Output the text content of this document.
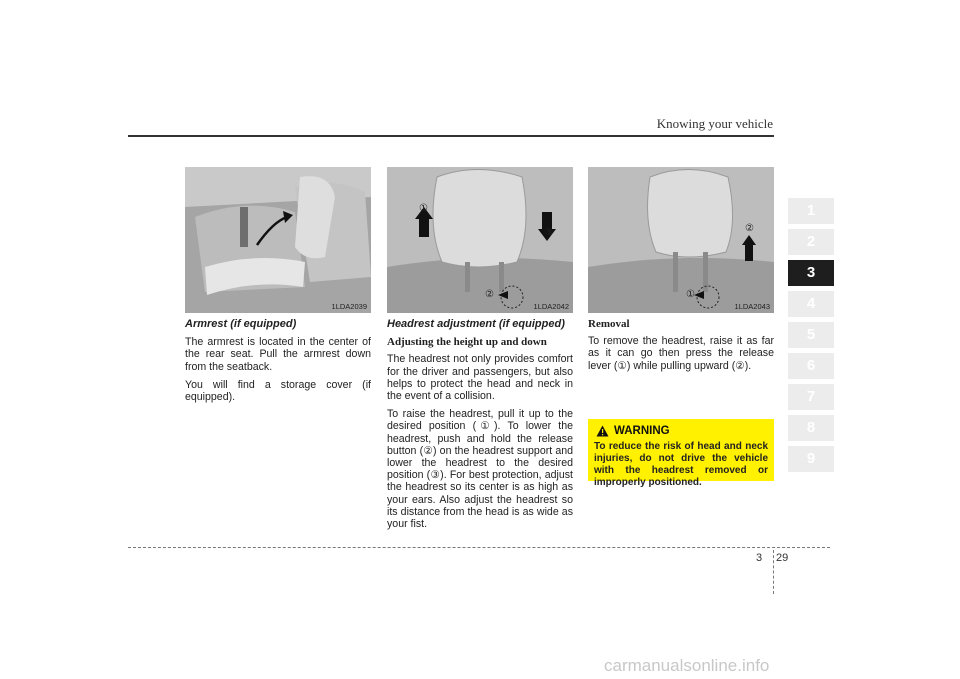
Knowing your vehicle
1LDA2039
①
③
②
1LDA2042
②
①
1LDA2043
Armrest (if equipped)

The armrest is located in the center of the rear seat. Pull the armrest down from the seatback.

You will find a storage cover (if equipped).

Headrest adjustment (if equipped)
Adjusting the height up and down

The headrest not only provides comfort for the driver and passengers, but also helps to protect the head and neck in the event of a collision.

To raise the headrest, pull it up to the desired position (①). To lower the headrest, push and hold the release button (②) on the headrest support and lower the headrest to the desired position (③). For best protection, adjust the headrest so its center is as high as your ears. Also adjust the headrest so its distance from the head is as wide as your fist.

Removal

To remove the headrest, raise it as far as it can go then press the release lever (①) while pulling upward (②).

WARNING
To reduce the risk of head and neck injuries, do not drive the vehicle with the headrest removed or improperly positioned.
1
2
3
4
5
6
7
8
9
3 29
carmanualsonline.info
